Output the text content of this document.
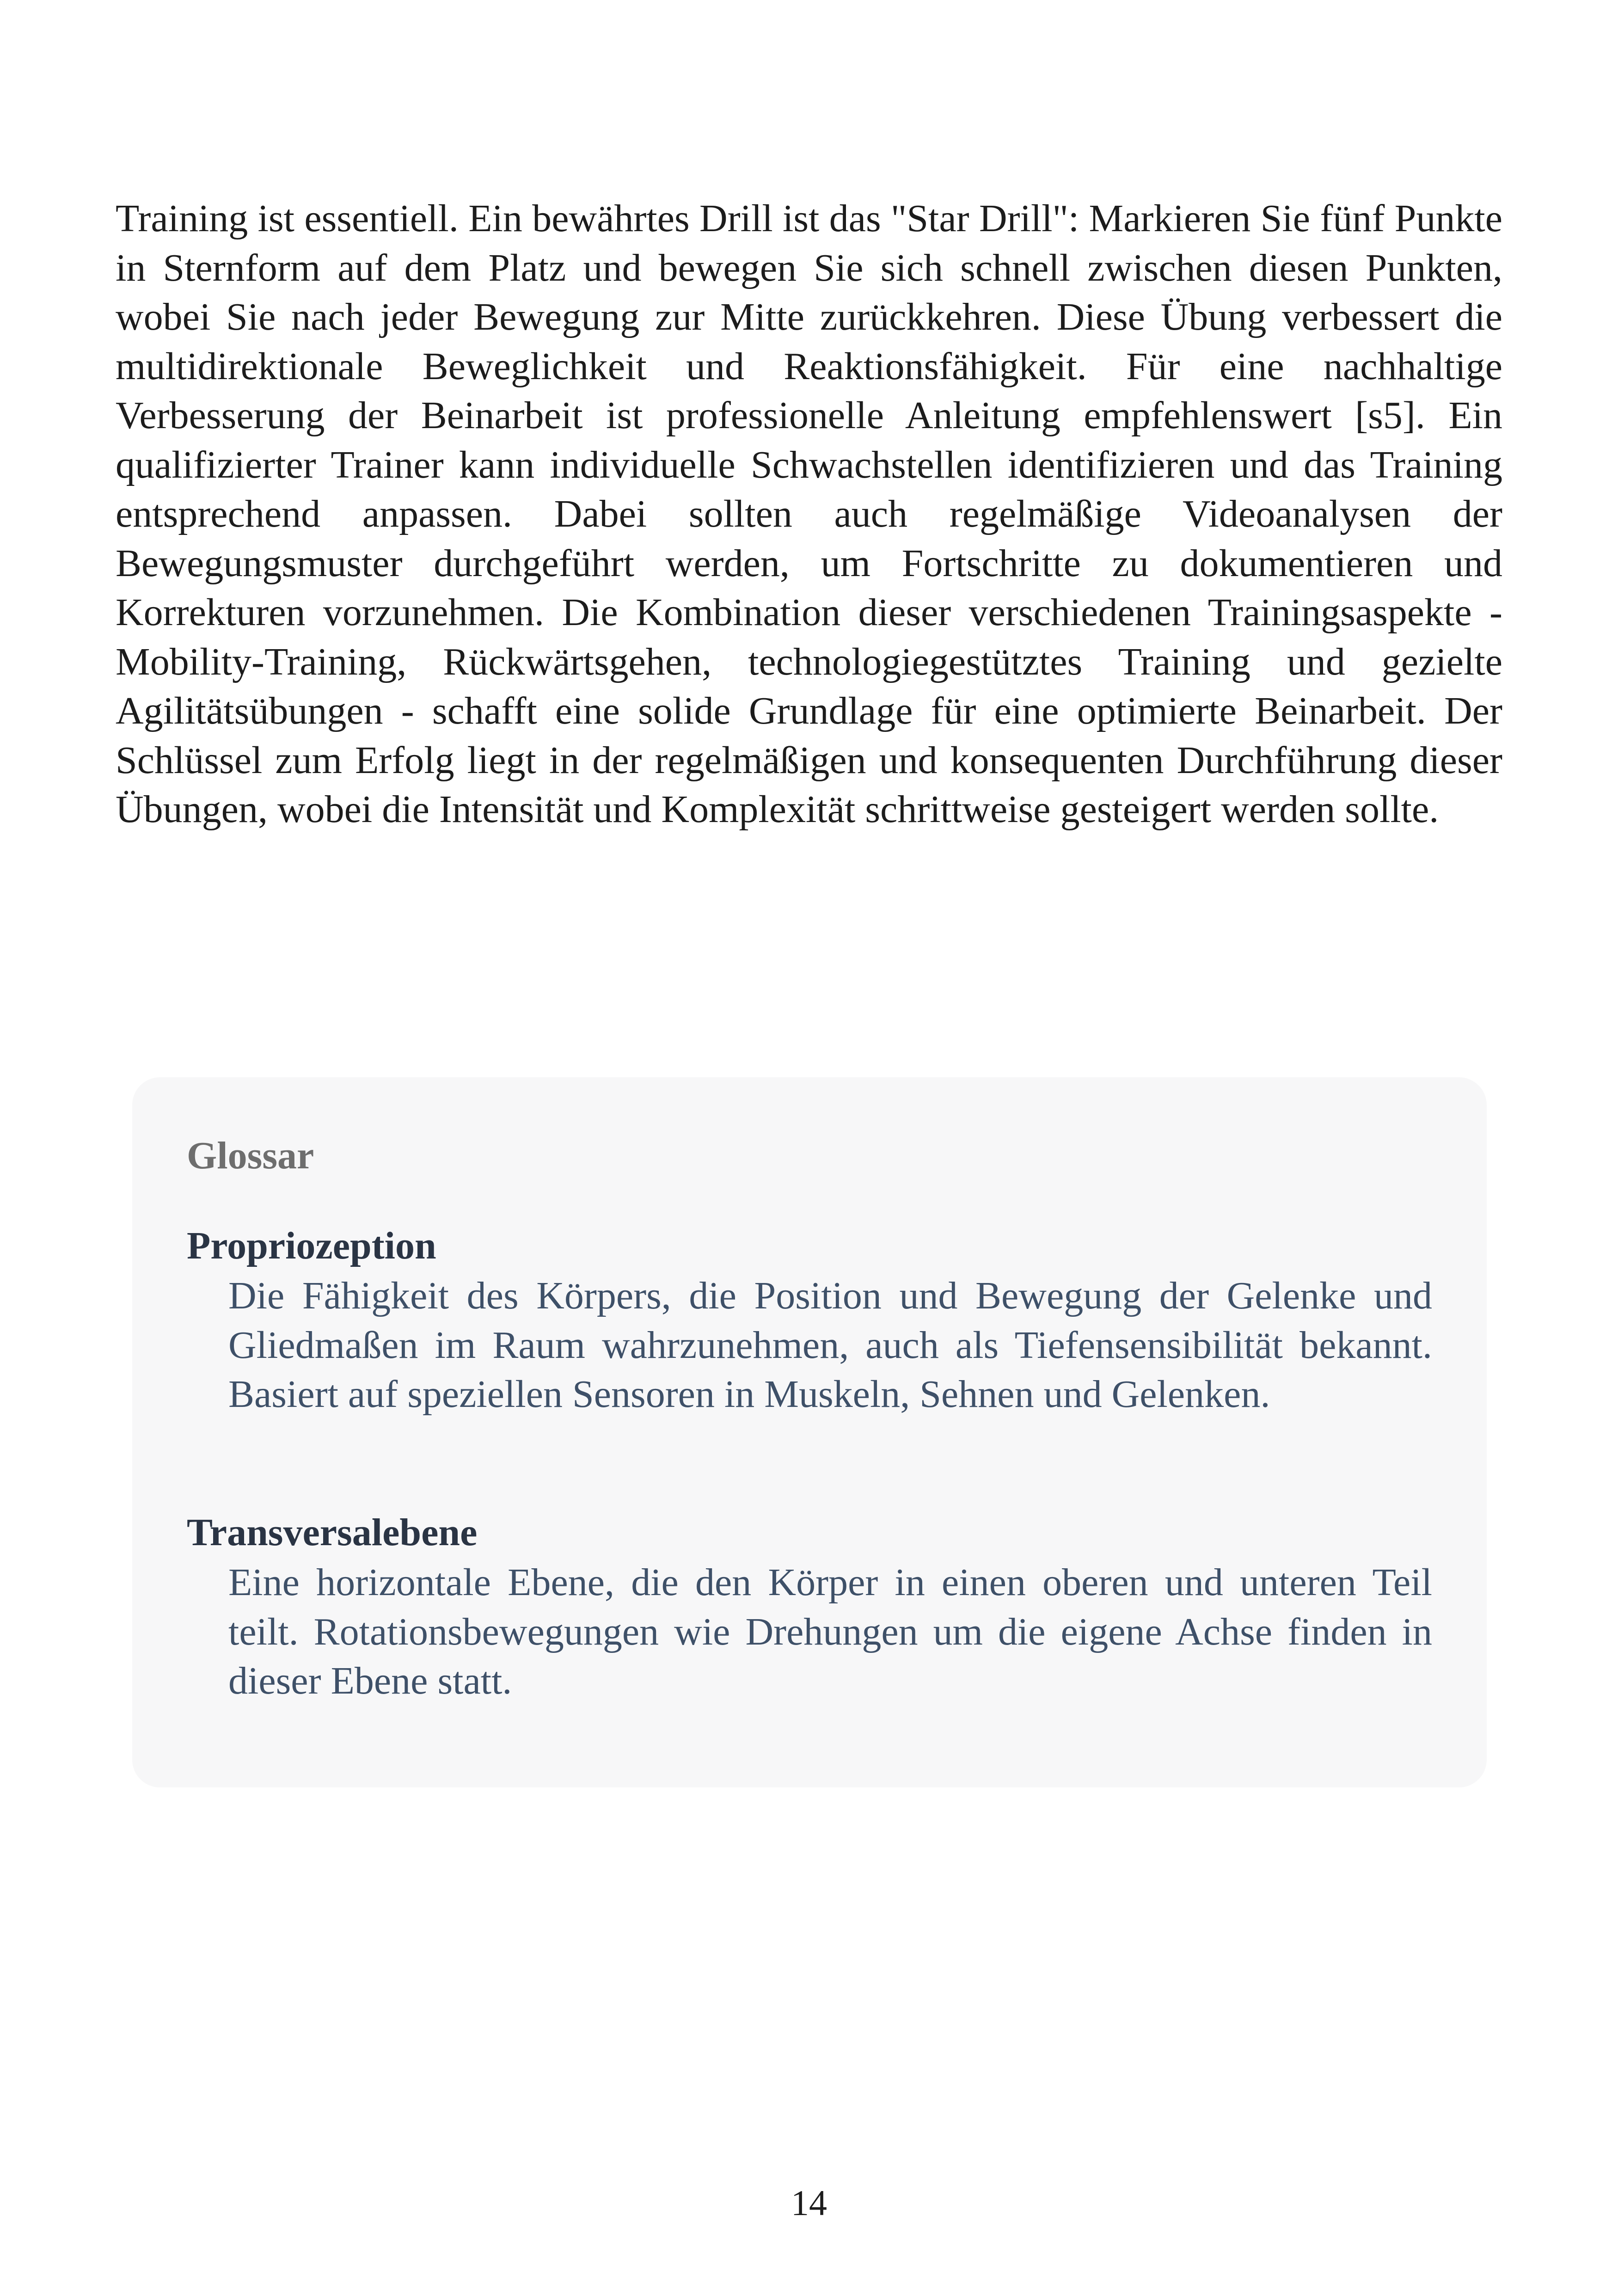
Training ist essentiell. Ein bewährtes Drill ist das "Star Drill": Markieren Sie fünf Punkte in Sternform auf dem Platz und bewegen Sie sich schnell zwischen diesen Punkten, wobei Sie nach jeder Bewegung zur Mitte zurückkehren. Diese Übung verbessert die multidirektionale Beweglichkeit und Reaktionsfähigkeit. Für eine nachhaltige Verbesserung der Beinarbeit ist professionelle Anleitung empfehlenswert [s5]. Ein qualifizierter Trainer kann individuelle Schwachstellen identifizieren und das Training entsprechend anpassen. Dabei sollten auch regelmäßige Videoanalysen der Bewegungsmuster durchgeführt werden, um Fortschritte zu dokumentieren und Korrekturen vorzunehmen. Die Kombination dieser verschiedenen Trainingsaspekte - Mobility-Training, Rückwärtsgehen, technologiegestütztes Training und gezielte Agilitätsübungen - schafft eine solide Grundlage für eine optimierte Beinarbeit. Der Schlüssel zum Erfolg liegt in der regelmäßigen und konsequenten Durchführung dieser Übungen, wobei die Intensität und Komplexität schrittweise gesteigert werden sollte.

Glossar
Propriozeption

Die Fähigkeit des Körpers, die Position und Bewegung der Gelenke und Gliedmaßen im Raum wahrzunehmen, auch als Tiefensensibilität bekannt. Basiert auf speziellen Sensoren in Muskeln, Sehnen und Gelenken.

Transversalebene

Eine horizontale Ebene, die den Körper in einen oberen und unteren Teil teilt. Rotationsbewegungen wie Drehungen um die eigene Achse finden in dieser Ebene statt.

14
